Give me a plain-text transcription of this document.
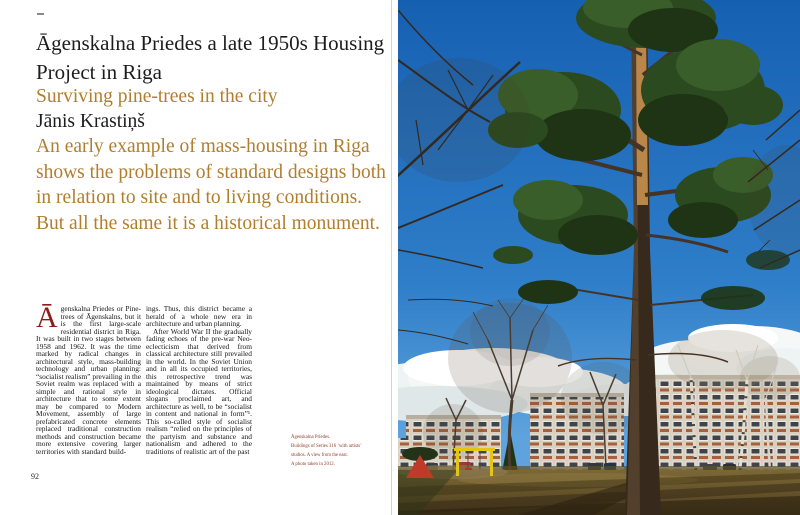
Āgenskalna Priedes a late 1950s Housing
Project in Riga
Surviving pine-trees in the city
Jānis Krastiņš
An early example of mass-housing in Riga
shows the problems of standard designs both
in relation to site and to living conditions.
But all the same it is a historical monument.

Āgenskalna Priedes or Pine-trees of Āgenskalns, but it is the first large-scale residential district in Riga. It was built in two stages between 1958 and 1962. It was the time marked by radical changes in architectural style, mass-building technology and urban planning: “socialist realism” prevailing in the Soviet realm was replaced with a simple and rational style in architecture that to some extent may be compared to Modern Movement, assembly of large prefabricated concrete elements replaced traditional construction methods and construction became more extensive covering larger territories with standard build-

ings. Thus, this district became a herald of a whole new era in architecture and urban planning.

After World War II the gradually fading echoes of the pre-war Neo-eclecticism that derived from classical architecture still prevailed in the world. In the Soviet Union and in all its occupied territories, this retrospective trend was maintained by means of strict ideological dictates. Official slogans proclaimed art, and architecture as well, to be “socialist in content and national in form”¹. This so-called style of socialist realism “relied on the principles of the partyism and substance and nationalism and adhered to the traditions of realistic art of the past

Āgenskalna Priedes.
Buildings of Series 316 ‘with artists’
studios. A view from the east.
A photo taken in 2012.
92
